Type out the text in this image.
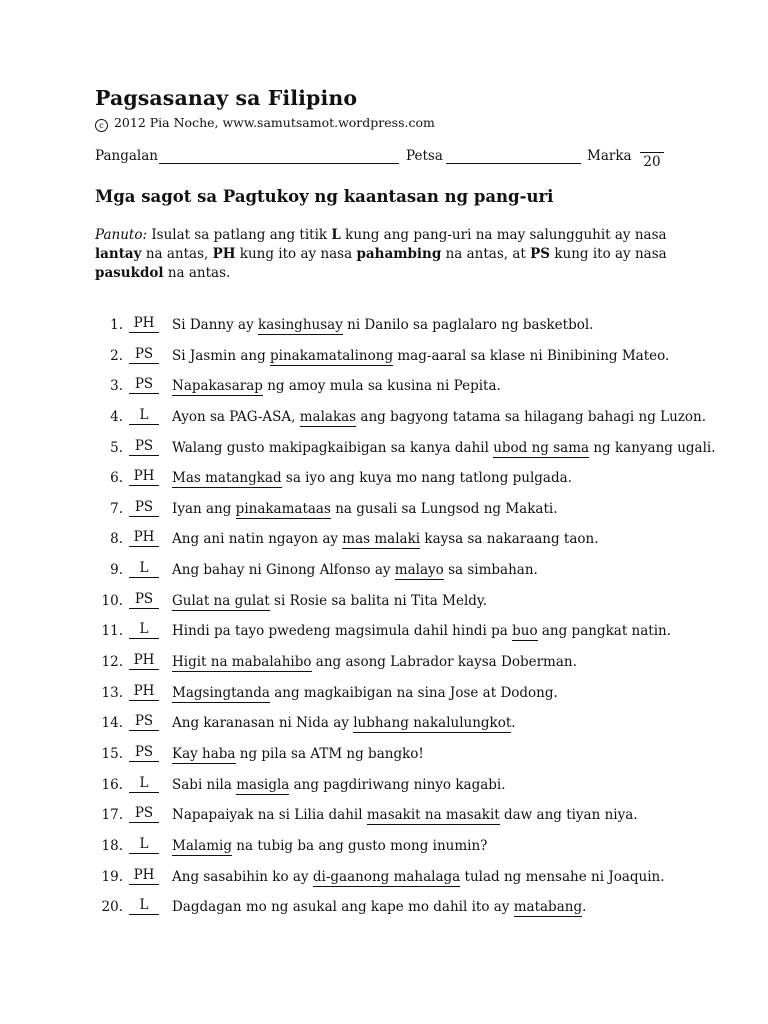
Pagsasanay sa Filipino
c 2012 Pia Noche, www.samutsamot.wordpress.com
Pangalan	Petsa	Marka 20
Mga sagot sa Pagtukoy ng kaantasan ng pang-uri
Panuto: Isulat sa patlang ang titik L kung ang pang-uri na may salungguhit ay nasa lantay na antas, PH kung ito ay nasa pahambing na antas, at PS kung ito ay nasa pasukdol na antas.
1. PH	Si Danny ay kasinghusay ni Danilo sa paglalaro ng basketbol.
2. PS	Si Jasmin ang pinakamatalinong mag-aaral sa klase ni Binibining Mateo.
3. PS	Napakasarap ng amoy mula sa kusina ni Pepita.
4.	L	Ayon sa PAG-ASA, malakas ang bagyong tatama sa hilagang bahagi ng Luzon.
5. PS	Walang gusto makipagkaibigan sa kanya dahil ubod ng sama ng kanyang ugali.
6. PH	Mas matangkad sa iyo ang kuya mo nang tatlong pulgada.
7. PS	Iyan ang pinakamataas na gusali sa Lungsod ng Makati.
8. PH	Ang ani natin ngayon ay mas malaki kaysa sa nakaraang taon.
9.	L	Ang bahay ni Ginong Alfonso ay malayo sa simbahan.
10. PS	Gulat na gulat si Rosie sa balita ni Tita Meldy.
11.	L	Hindi pa tayo pwedeng magsimula dahil hindi pa buo ang pangkat natin.
12. PH	Higit na mabalahibo ang asong Labrador kaysa Doberman.
13. PH	Magsingtanda ang magkaibigan na sina Jose at Dodong.
14. PS	Ang karanasan ni Nida ay lubhang nakalulungkot.
15. PS	Kay haba ng pila sa ATM ng bangko!
16.	L	Sabi nila masigla ang pagdiriwang ninyo kagabi.
17. PS	Napapaiyak na si Lilia dahil masakit na masakit daw ang tiyan niya.
18.	L	Malamig na tubig ba ang gusto mong inumin?
19. PH	Ang sasabihin ko ay di-gaanong mahalaga tulad ng mensahe ni Joaquin.
20.	L	Dagdagan mo ng asukal ang kape mo dahil ito ay matabang.
